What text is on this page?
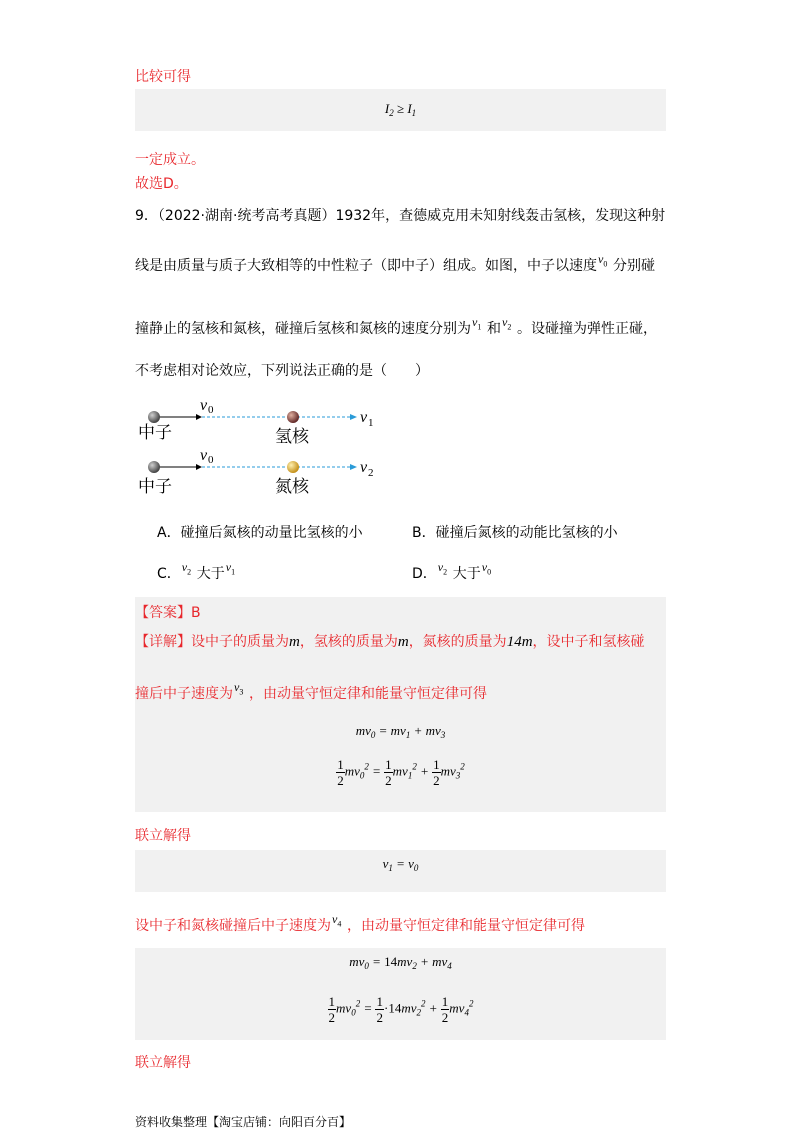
比较可得
$I_2 \ge I_1$
一定成立。
故选D。
9．（2022·湖南·统考高考真题）1932年，查德威克用未知射线轰击氢核，发现这种射
线是由质量与质子大致相等的中性粒子（即中子）组成。如图，中子以速度 $v_0$ 分别碰
撞静止的氢核和氮核，碰撞后氢核和氮核的速度分别为 $v_1$ 和 $v_2$ 。设碰撞为弹性正碰，
不考虑相对论效应，下列说法正确的是（　　）
v 0	v 1
中子	氢核
v 0	v 2
中子	氮核
A．碰撞后氮核的动量比氢核的小	B．碰撞后氮核的动能比氢核的小
C． $v_2$ 大于 $v_1$	D． $v_2$ 大于 $v_0$
【答案】B
【详解】设中子的质量为m，氢核的质量为m，氮核的质量为14m，设中子和氢核碰
撞后中子速度为 $v_3$ ，由动量守恒定律和能量守恒定律可得
$mv_0 = mv_1 + mv_3$
$\frac{1}{2} mv_0^2 = \frac{1}{2} mv_1^2 + \frac{1}{2} mv_3^2$
联立解得
$v_1 = v_0$
设中子和氮核碰撞后中子速度为 $v_4$ ，由动量守恒定律和能量守恒定律可得
$mv_0 = 14mv_2 + mv_4$
$\frac{1}{2} mv_0^2 = \frac{1}{2} \cdot 14mv_2^2 + \frac{1}{2} mv_4^2$
联立解得
资料收集整理【淘宝店铺：向阳百分百】
